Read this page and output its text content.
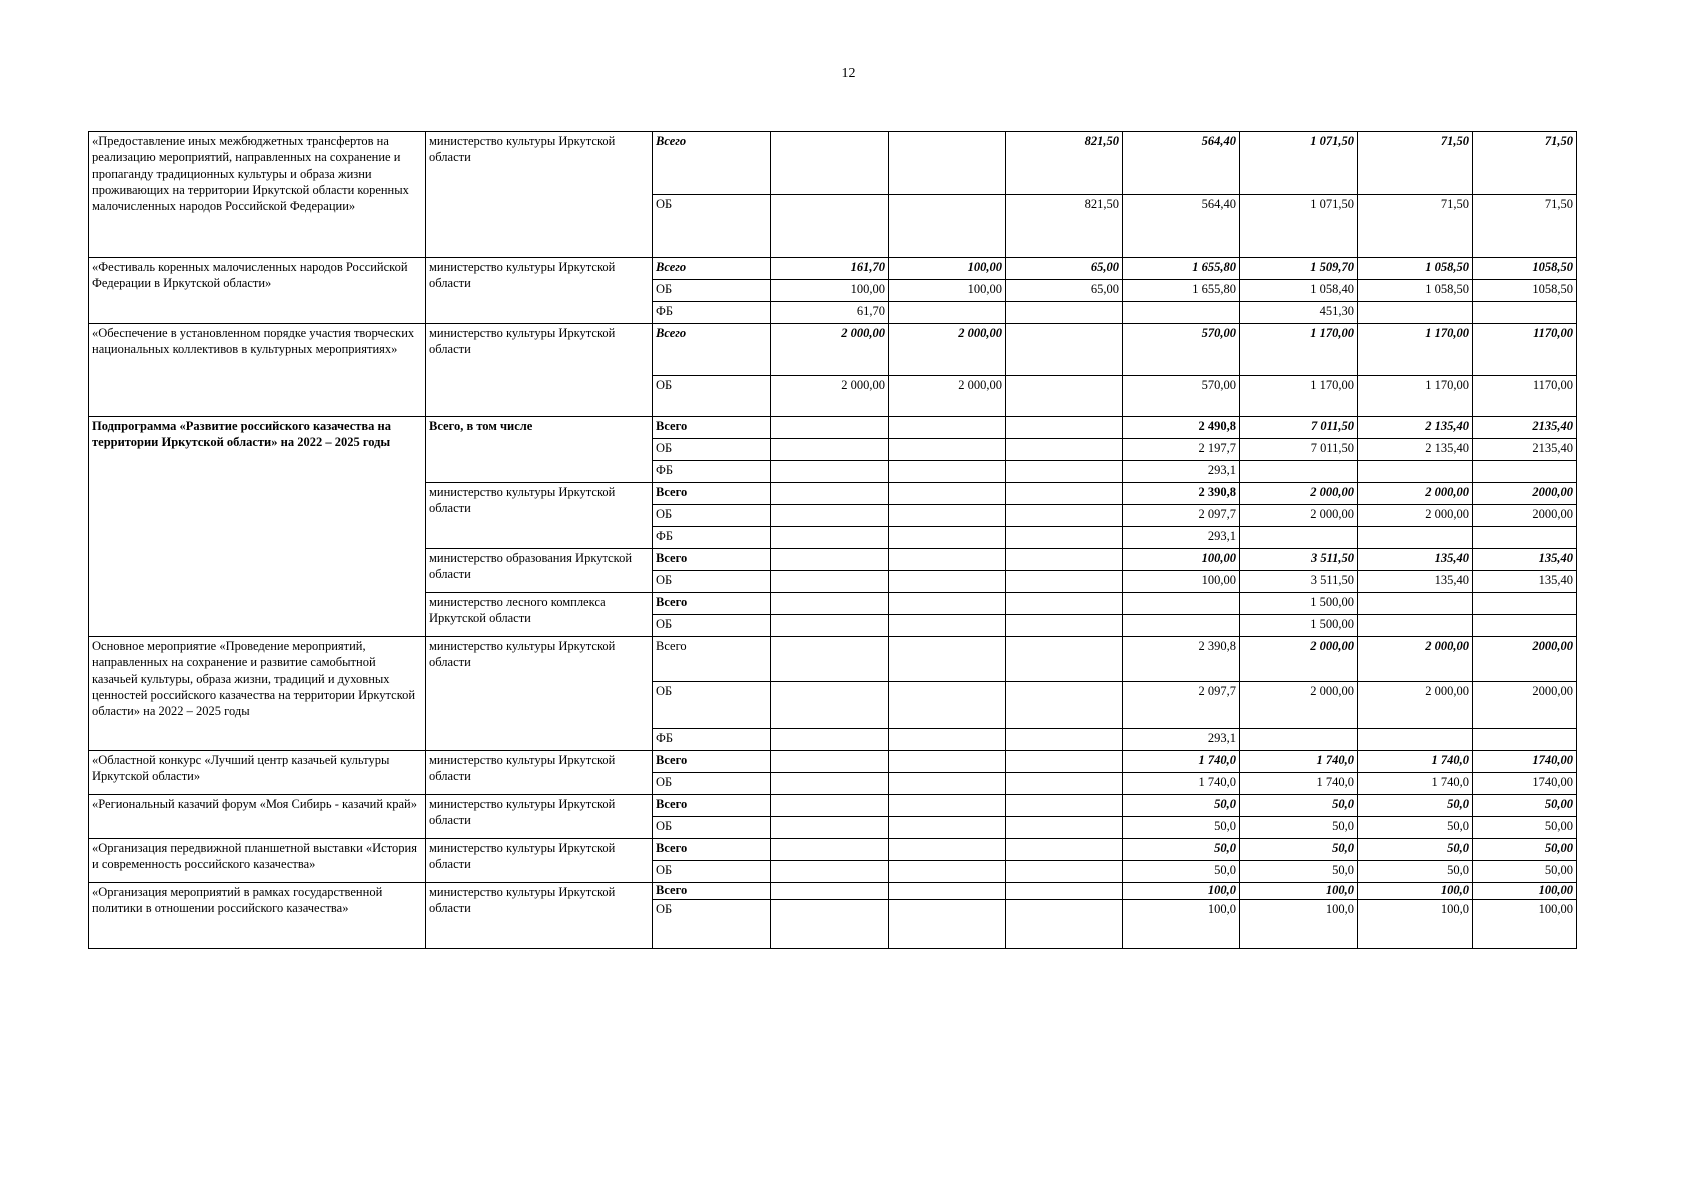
12
«Предоставление иных межбюджетных трансфертов на реализацию мероприятий, направленных на сохранение и пропаганду традиционных культуры и образа жизни проживающих на территории Иркутской области коренных малочисленных народов Российской Федерации»	министерство культуры Иркутской области	Всего			821,50	564,40	1 071,50	71,50	71,50
		ОБ			821,50	564,40	1 071,50	71,50	71,50
«Фестиваль коренных малочисленных народов Российской Федерации в Иркутской области»	министерство культуры Иркутской области	Всего	161,70	100,00	65,00	1 655,80	1 509,70	1 058,50	1058,50
		ОБ	100,00	100,00	65,00	1 655,80	1 058,40	1 058,50	1058,50
		ФБ	61,70				451,30		
«Обеспечение в установленном порядке участия творческих национальных коллективов в культурных мероприятиях»	министерство культуры Иркутской области	Всего	2 000,00	2 000,00		570,00	1 170,00	1 170,00	1170,00
		ОБ	2 000,00	2 000,00		570,00	1 170,00	1 170,00	1170,00
Подпрограмма «Развитие российского казачества на территории Иркутской области» на 2022 – 2025 годы	Всего, в том числе	Всего				2 490,8	7 011,50	2 135,40	2135,40
		ОБ				2 197,7	7 011,50	2 135,40	2135,40
		ФБ				293,1			
	министерство культуры Иркутской области	Всего				2 390,8	2 000,00	2 000,00	2000,00
		ОБ				2 097,7	2 000,00	2 000,00	2000,00
		ФБ				293,1			
	министерство образования Иркутской области	Всего				100,00	3 511,50	135,40	135,40
		ОБ				100,00	3 511,50	135,40	135,40
	министерство лесного комплекса Иркутской области	Всего					1 500,00		
		ОБ					1 500,00		
Основное мероприятие «Проведение мероприятий, направленных на сохранение и развитие самобытной казачьей культуры, образа жизни, традиций и духовных ценностей российского казачества на территории Иркутской области» на 2022 – 2025 годы	министерство культуры Иркутской области	Всего				2 390,8	2 000,00	2 000,00	2000,00
		ОБ				2 097,7	2 000,00	2 000,00	2000,00
		ФБ				293,1			
«Областной конкурс «Лучший центр казачьей культуры Иркутской области»	министерство культуры Иркутской области	Всего				1 740,0	1 740,0	1 740,0	1740,00
		ОБ				1 740,0	1 740,0	1 740,0	1740,00
«Региональный казачий форум «Моя Сибирь - казачий край»	министерство культуры Иркутской области	Всего				50,0	50,0	50,0	50,00
		ОБ				50,0	50,0	50,0	50,00
«Организация передвижной планшетной выставки «История и современность российского казачества»	министерство культуры Иркутской области	Всего				50,0	50,0	50,0	50,00
		ОБ				50,0	50,0	50,0	50,00
«Организация мероприятий в рамках государственной политики в отношении российского казачества»	министерство культуры Иркутской области	Всего				100,0	100,0	100,0	100,00
		ОБ				100,0	100,0	100,0	100,00
